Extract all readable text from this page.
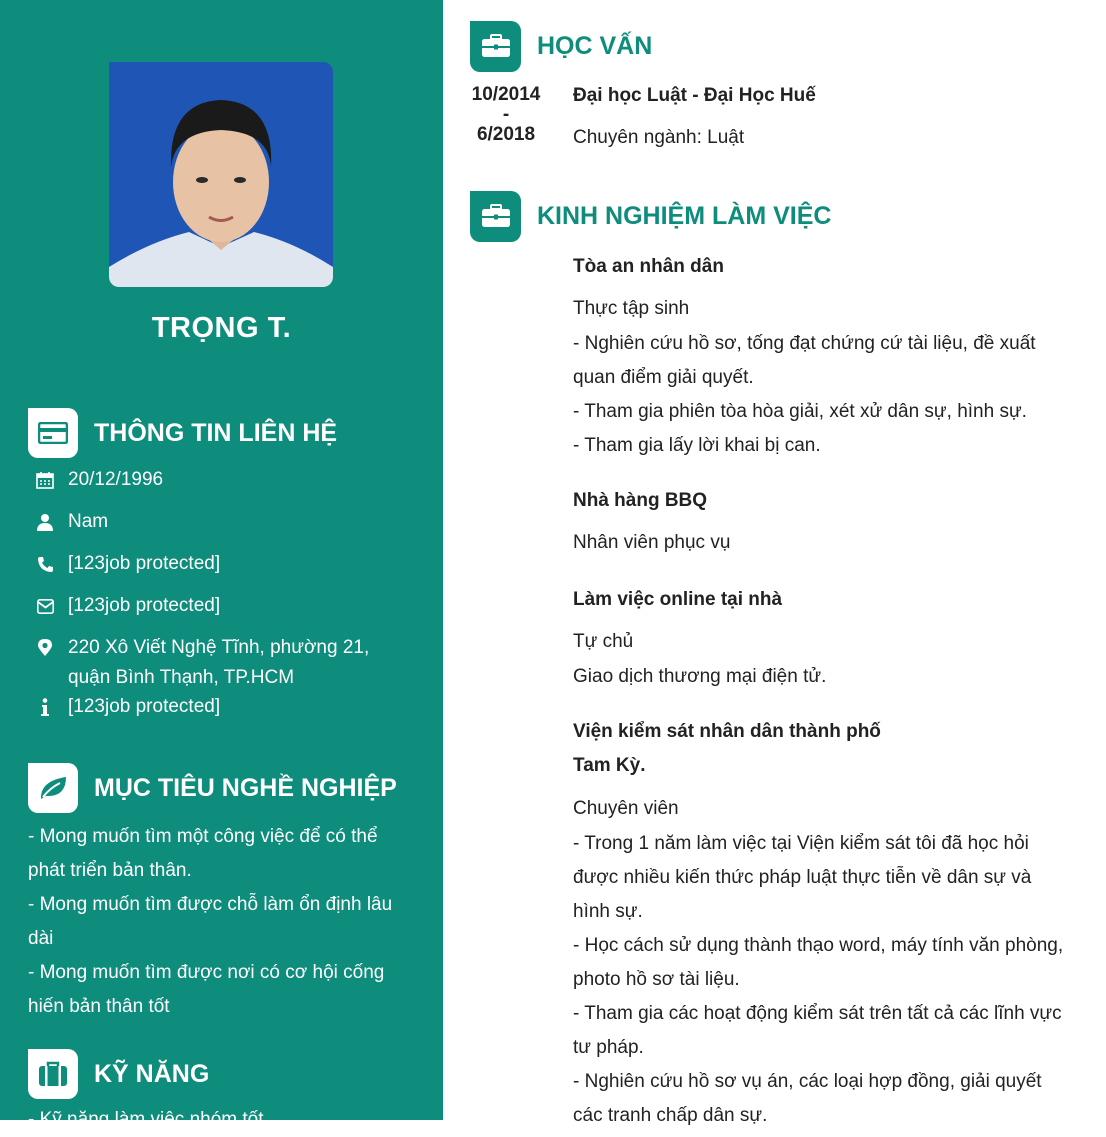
TRỌNG T.
THÔNG TIN LIÊN HỆ
20/12/1996
Nam
[123job protected]
[123job protected]
220 Xô Viết Nghệ Tĩnh, phường 21,
quận Bình Thạnh, TP.HCM
[123job protected]
MỤC TIÊU NGHỀ NGHIỆP
- Mong muốn tìm một công việc để có thể
phát triển bản thân.
- Mong muốn tìm được chỗ làm ổn định lâu
dài
- Mong muốn tìm được nơi có cơ hội cống
hiến bản thân tốt
KỸ NĂNG
- Kỹ năng làm việc nhóm tốt
HỌC VẤN
10/2014
-
6/2018
Đại học Luật - Đại Học Huế
Chuyên ngành: Luật
KINH NGHIỆM LÀM VIỆC
Tòa an nhân dân
Thực tập sinh
- Nghiên cứu hồ sơ, tống đạt chứng cứ tài liệu, đề xuất
quan điểm giải quyết.
- Tham gia phiên tòa hòa giải, xét xử dân sự, hình sự.
- Tham gia lấy lời khai bị can.
Nhà hàng BBQ
Nhân viên phục vụ
Làm việc online tại nhà
Tự chủ
Giao dịch thương mại điện tử.
Viện kiểm sát nhân dân thành phố
Tam Kỳ.
Chuyên viên
- Trong 1 năm làm việc tại Viện kiểm sát tôi đã học hỏi
được nhiều kiến thức pháp luật thực tiễn về dân sự và
hình sự.
- Học cách sử dụng thành thạo word, máy tính văn phòng,
photo hồ sơ tài liệu.
- Tham gia các hoạt động kiểm sát trên tất cả các lĩnh vực
tư pháp.
- Nghiên cứu hồ sơ vụ án, các loại hợp đồng, giải quyết
các tranh chấp dân sự.
